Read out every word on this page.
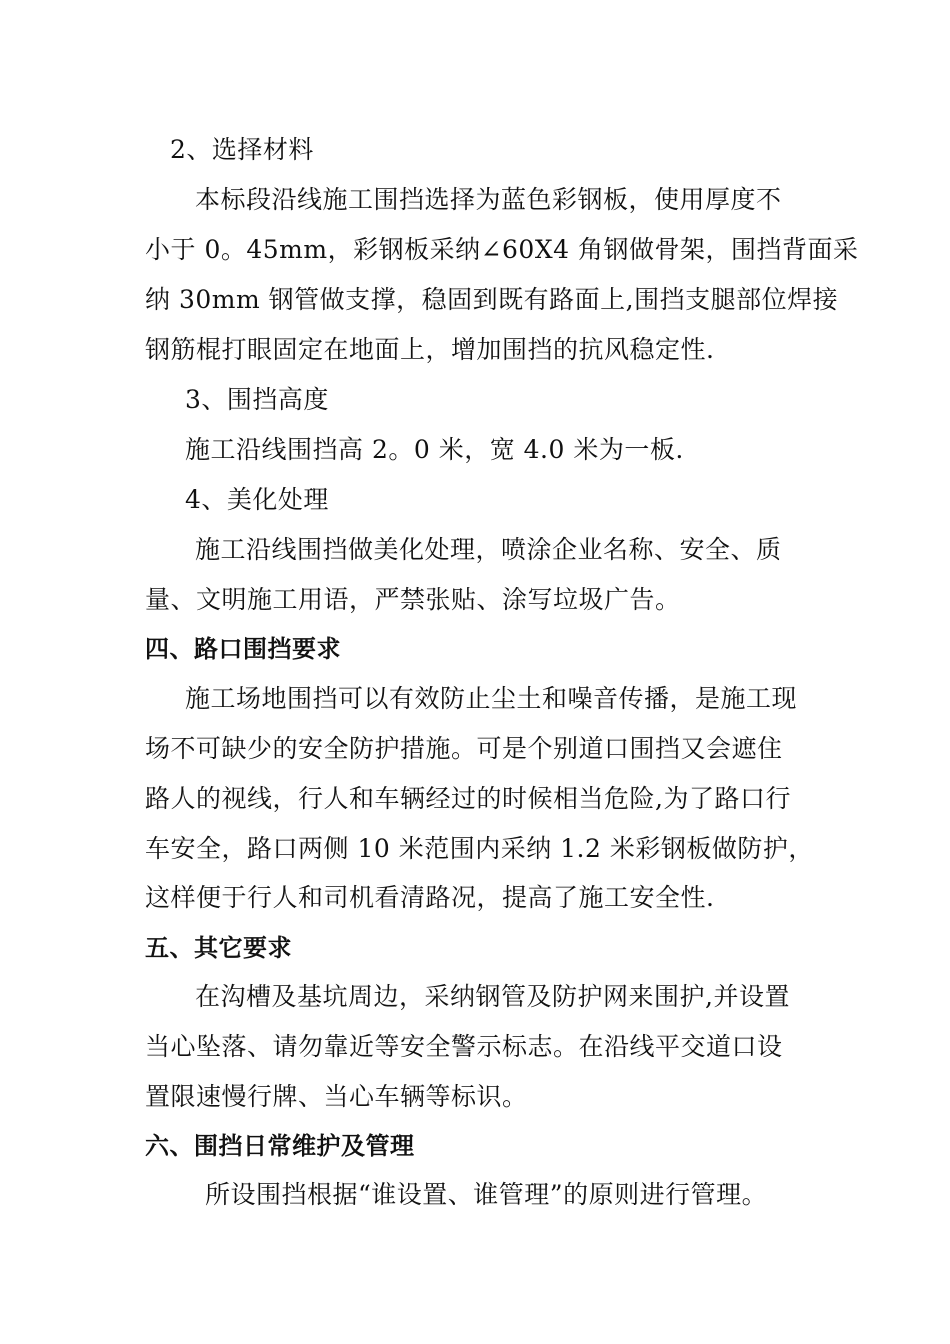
2、选择材料
本标段沿线施工围挡选择为蓝色彩钢板，使用厚度不
小于 0。45mm，彩钢板采纳∠60X4 角钢做骨架，围挡背面采
纳 30mm 钢管做支撑，稳固到既有路面上,围挡支腿部位焊接
钢筋棍打眼固定在地面上，增加围挡的抗风稳定性.
3、围挡高度
施工沿线围挡高 2。0 米，宽 4.0 米为一板.
4、美化处理
施工沿线围挡做美化处理，喷涂企业名称、安全、质
量、文明施工用语，严禁张贴、涂写垃圾广告。
四、路口围挡要求
施工场地围挡可以有效防止尘土和噪音传播，是施工现
场不可缺少的安全防护措施。可是个别道口围挡又会遮住
路人的视线，行人和车辆经过的时候相当危险,为了路口行
车安全，路口两侧 10 米范围内采纳 1.2 米彩钢板做防护，
这样便于行人和司机看清路况，提高了施工安全性.
五、其它要求
在沟槽及基坑周边，采纳钢管及防护网来围护,并设置
当心坠落、请勿靠近等安全警示标志。在沿线平交道口设
置限速慢行牌、当心车辆等标识。
六、围挡日常维护及管理
所设围挡根据“谁设置、谁管理”的原则进行管理。
